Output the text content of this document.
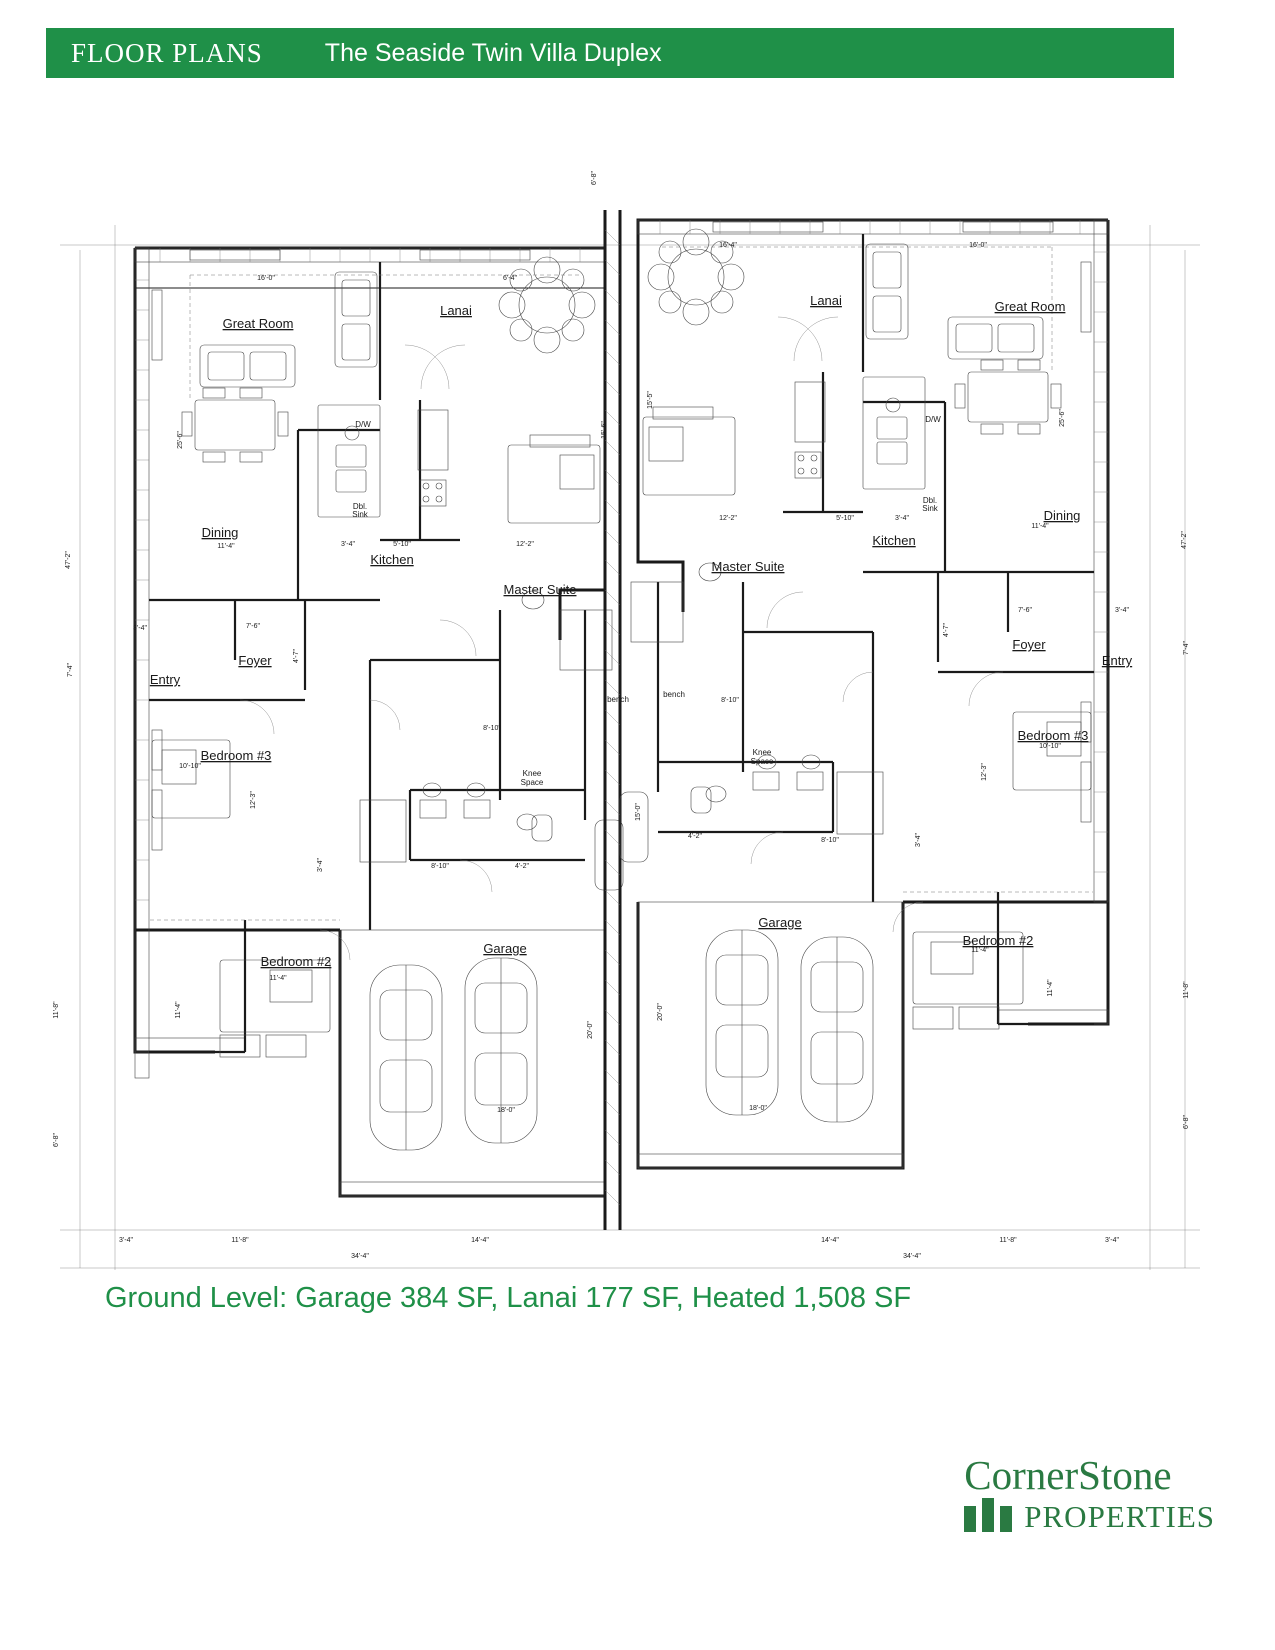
FLOOR PLANS The Seaside Twin Villa Duplex
Great Room
Lanai
Dining
Kitchen
Master Suite
Foyer
Entry
Bedroom #3
Bedroom #2
Garage
Lanai	Great Room
Dining
Kitchen
Master Suite
Foyer
Entry
Bedroom #3
Bedroom #2
Garage
D/W
Dbl.
Sink
D/W
Dbl.
Sink
Knee
Space
Knee
Space
bench
bench
16'-0"	6'-4"
25'-6"
15'-6"
6'-8"
11'-4"	3'-4"	5'-10"	12'-2"
47'-2"
7'-6"
3'-4"
4'-7"
7'-4"
10'-10"
12'-3"
8'-10"
8'-10"
3'-4"	4'-2"
11'-4"
11'-4"
18'-0"
20'-0"
11'-8"
6'-8"
3'-4"	11'-8"
34'-4"
14'-4"
16'-4"	16'-0"
25'-6"
15'-5"
12'-2"	5'-10"	3'-4"
11'-4"
47'-2"
7'-6"	3'-4"
4'-7"
7'-4"
10'-10"
12'-3"
8'-10"
8'-10"	3'-4"
4'-2"
15'-0"
11'-4"
11'-4"
18'-0"
20'-0"
11'-8"
6'-8"
14'-4"
34'-4"
11'-8"	3'-4"
Ground Level: Garage 384 SF, Lanai 177 SF, Heated 1,508 SF
CornerStone
PROPERTIES
